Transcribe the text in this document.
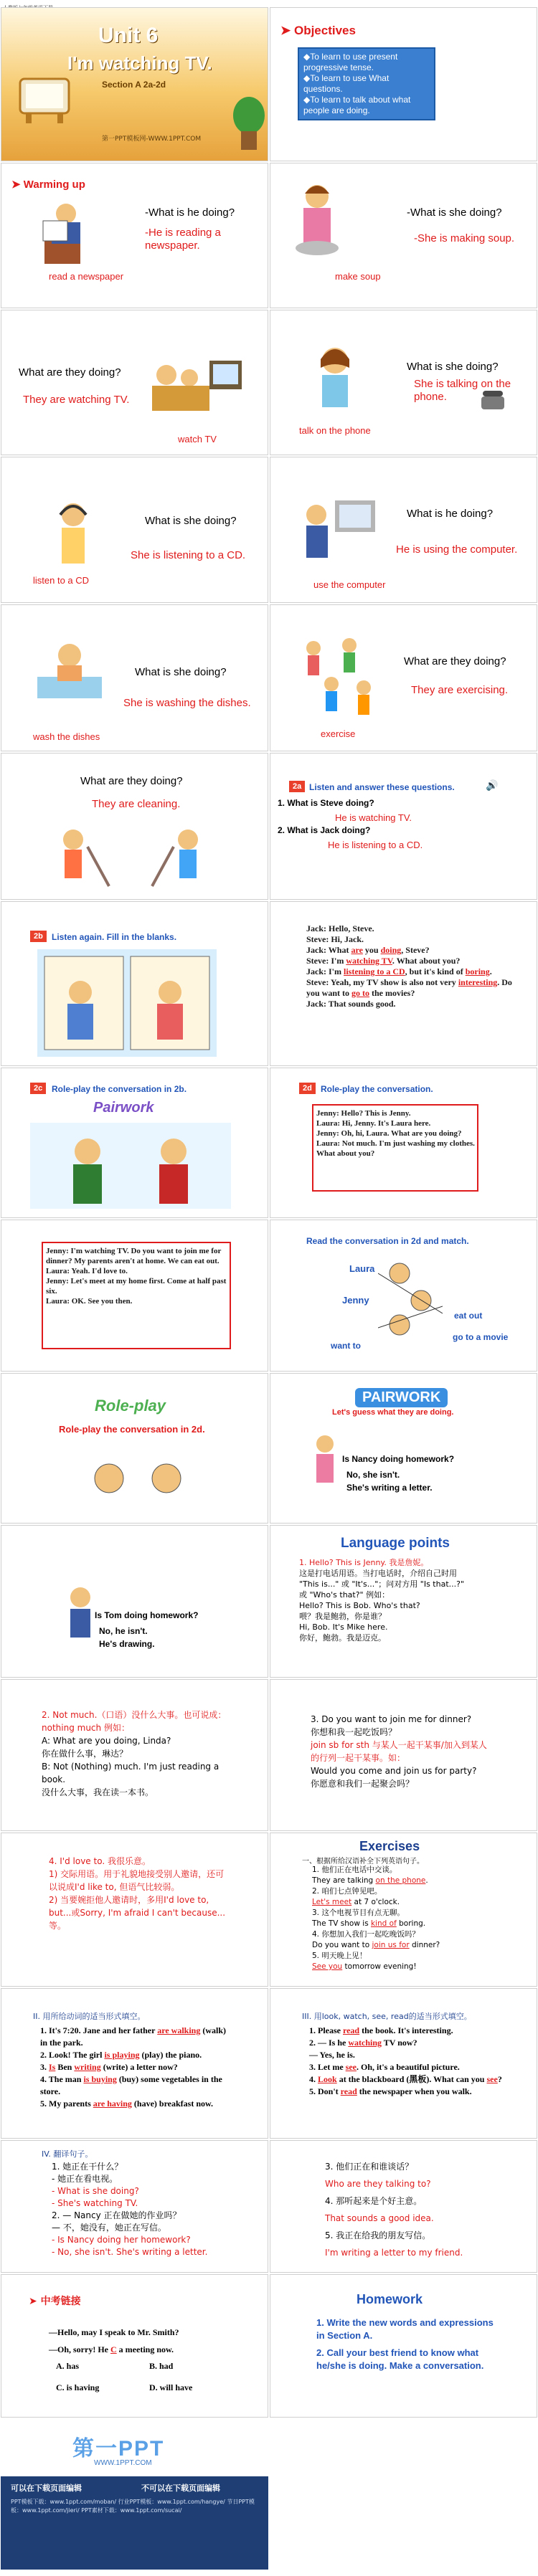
Unit 6
I'm watching TV.
Section A 2a-2d
第一PPT模板网-WWW.1PPT.COM
➤ Objectives
◆To learn to use present progressive tense.
◆To learn to use What questions.
◆To learn to talk about what people are doing.
➤ Warming up
-What is he doing?
-He is reading a newspaper.
read a newspaper
-What is she doing?
-She is making soup.
make soup
What are they doing?
They are watching TV.
watch TV
What is she doing?
She is talking on the phone.
talk on the phone
What is she doing?
She is listening to a CD.
listen to a CD
What is he doing?
He is using the computer.
use the computer
What is she doing?
She is washing the dishes.
wash the dishes
What are they doing?
They are exercising.
exercise
What are they doing?
They are cleaning.
2a Listen and answer these questions.	🔊
1. What is Steve doing?
He is watching TV.
2. What is Jack doing?
He is listening to a CD.
2b	Listen again. Fill in the blanks.
Jack: Hello, Steve.
Steve: Hi, Jack.
Jack: What are you doing, Steve?
Steve: I'm watching TV. What about you?
Jack: I'm listening to a CD, but it's kind of boring.
Steve: Yeah, my TV show is also not very interesting. Do you want to go to the movies?
Jack: That sounds good.
2c	Role-play the conversation in 2b.
Pairwork
2d	Role-play the conversation.
Jenny: Hello? This is Jenny.
Laura: Hi, Jenny. It's Laura here.
Jenny: Oh, hi, Laura. What are you doing?
Laura: Not much. I'm just washing my clothes. What about you?
Jenny: I'm watching TV. Do you want to join me for dinner? My parents aren't at home. We can eat out.
Laura: Yeah. I'd love to.
Jenny: Let's meet at my home first. Come at half past six.
Laura: OK. See you then.
Read the conversation in 2d and match.
Laura
Jenny
want to
eat out
go to a movie
Role-play
Role-play the conversation in 2d.
PAIRWORK
Let's guess what they are doing.
Is Nancy doing homework?
No, she isn't.
She's writing a letter.
Is Tom doing homework?
No, he isn't.
He's drawing.
Language points
1. Hello? This is Jenny. 我是詹妮。
这是打电话用语。当打电话时，介绍自己时用 "This is..." 或 "It's..."；问对方用 "Is that...?" 或 "Who's that?" 例如：
Hello? This is Bob. Who's that?
喂？我是鲍勃，你是谁？
Hi, Bob. It's Mike here.
你好，鲍勃。我是迈克。
2. Not much.（口语）没什么大事。也可说成：nothing much 例如：
A: What are you doing, Linda?
你在做什么事，琳达？
B: Not (Nothing) much. I'm just reading a book.
没什么大事，我在读一本书。
3. Do you want to join me for dinner?
你想和我一起吃饭吗？
join sb for sth 与某人一起干某事/加入到某人的行列一起干某事。如：
Would you come and join us for party?
你愿意和我们一起聚会吗？
4. I'd love to. 我很乐意。
1) 交际用语。用于礼貌地接受别人邀请，还可以说成I'd like to, 但语气比较弱。
2) 当要婉拒他人邀请时，多用I'd love to, but...或Sorry, I'm afraid I can't because...等。
Exercises
一、根据所给汉语补全下列英语句子。
1. 他们正在电话中交谈。
They are talking on the phone.
2. 咱们七点钟见吧。
Let's meet at 7 o'clock.
3. 这个电视节目有点无聊。
The TV show is kind of boring.
4. 你想加入我们一起吃晚饭吗？
Do you want to join us for dinner?
5. 明天晚上见！
See you tomorrow evening!
II. 用所给动词的适当形式填空。
1. It's 7:20. Jane and her father are walking (walk) in the park.
2. Look! The girl is playing (play) the piano.
3. Is Ben writing (write) a letter now?
4. The man is buying (buy) some vegetables in the store.
5. My parents are having (have) breakfast now.
III. 用look, watch, see, read的适当形式填空。
1. Please read the book. It's interesting.
2. — Is he watching TV now?
— Yes, he is.
3. Let me see. Oh, it's a beautiful picture.
4. Look at the blackboard (黑板). What can you see?
5. Don't read the newspaper when you walk.
IV. 翻译句子。
1. 她正在干什么？
- 她正在看电视。
- What is she doing?
- She's watching TV.
2. — Nancy 正在做她的作业吗？
— 不，她没有，她正在写信。
- Is Nancy doing her homework?
- No, she isn't. She's writing a letter.
3. 他们正在和谁谈话？
Who are they talking to?
4. 那听起来是个好主意。
That sounds a good idea.
5. 我正在给我的朋友写信。
I'm writing a letter to my friend.
➤ 中考链接
—Hello, may I speak to Mr. Smith?
—Oh, sorry! He C a meeting now.
A. has	B. had
C. is having	D. will have
Homework
1. Write the new words and expressions in Section A.
2. Call your best friend to know what he/she is doing. Make a conversation.
第一PPT
WWW.1PPT.COM
可以在下载页面编辑	不可以在下载页面编辑
PPT模板下载：www.1ppt.com/moban/ 行业PPT模板：www.1ppt.com/hangye/ 节日PPT模板：www.1ppt.com/jieri/ PPT素材下载：www.1ppt.com/sucai/
